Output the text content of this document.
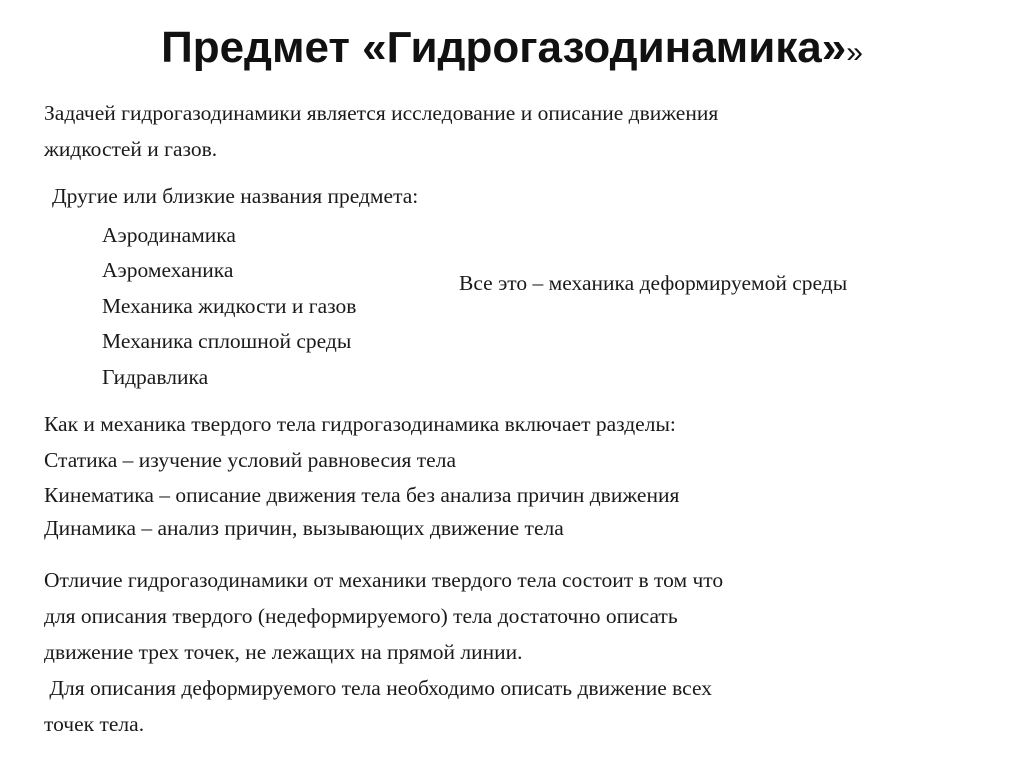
Предмет «Гидрогазодинамика»»
Задачей гидрогазодинамики является исследование и описание движения
жидкостей и газов.
Другие или близкие названия предмета:
Аэродинамика
Аэромеханика
Механика жидкости и газов
Механика сплошной среды
Гидравлика
Все это – механика деформируемой среды
Как и механика твердого тела гидрогазодинамика включает разделы:
Статика – изучение условий равновесия тела
Кинематика – описание движения тела без анализа причин движения
Динамика – анализ причин, вызывающих движение тела
Отличие гидрогазодинамики от механики твердого тела состоит в том что
для описания твердого (недеформируемого) тела достаточно описать
движение трех точек, не лежащих на прямой линии.
Для описания деформируемого тела необходимо описать движение всех
точек тела.
